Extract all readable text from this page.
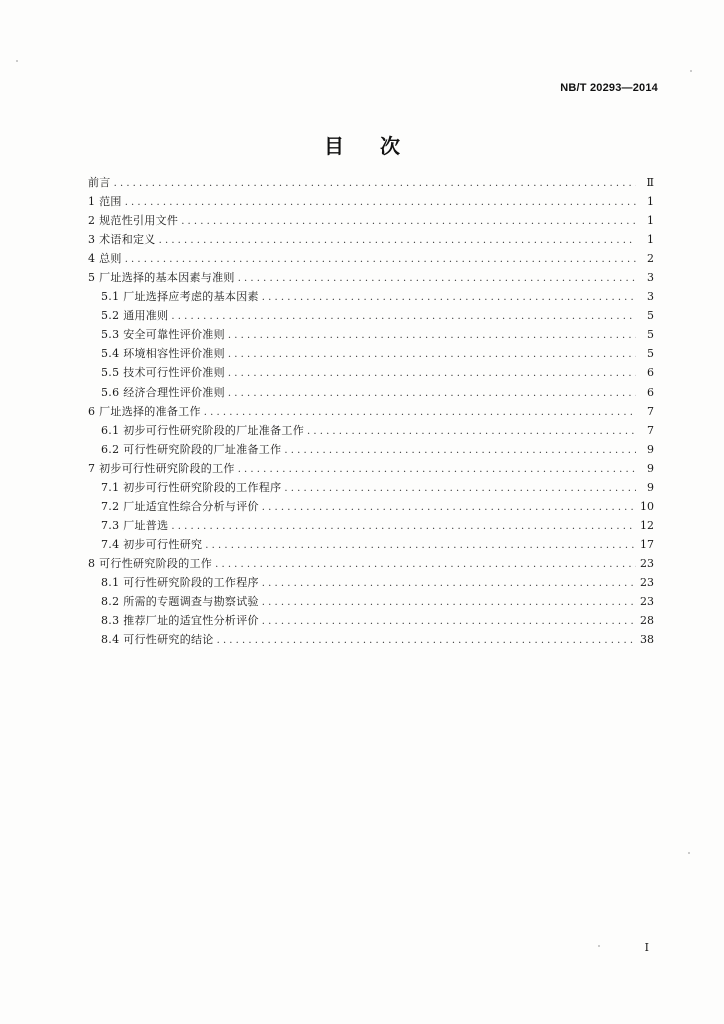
NB/T 20293—2014
目次
前言 . . .	Ⅱ
1 范围 . . .	1
2 规范性引用文件 . . .	1
3 术语和定义 . . .	1
4 总则 . . .	2
5 厂址选择的基本因素与准则 . . .	3
5.1 厂址选择应考虑的基本因素 . . .	3
5.2 通用准则 . . .	5
5.3 安全可靠性评价准则 . . .	5
5.4 环境相容性评价准则 . . .	5
5.5 技术可行性评价准则 . . .	6
5.6 经济合理性评价准则 . . .	6
6 厂址选择的准备工作 . . .	7
6.1 初步可行性研究阶段的厂址准备工作 . . .	7
6.2 可行性研究阶段的厂址准备工作 . . .	9
7 初步可行性研究阶段的工作 . . .	9
7.1 初步可行性研究阶段的工作程序 . . .	9
7.2 厂址适宜性综合分析与评价 . . .	10
7.3 厂址普选 . . .	12
7.4 初步可行性研究 . . .	17
8 可行性研究阶段的工作 . . .	23
8.1 可行性研究阶段的工作程序 . . .	23
8.2 所需的专题调查与勘察试验 . . .	23
8.3 推荐厂址的适宜性分析评价 . . .	28
8.4 可行性研究的结论 . . .	38
I
